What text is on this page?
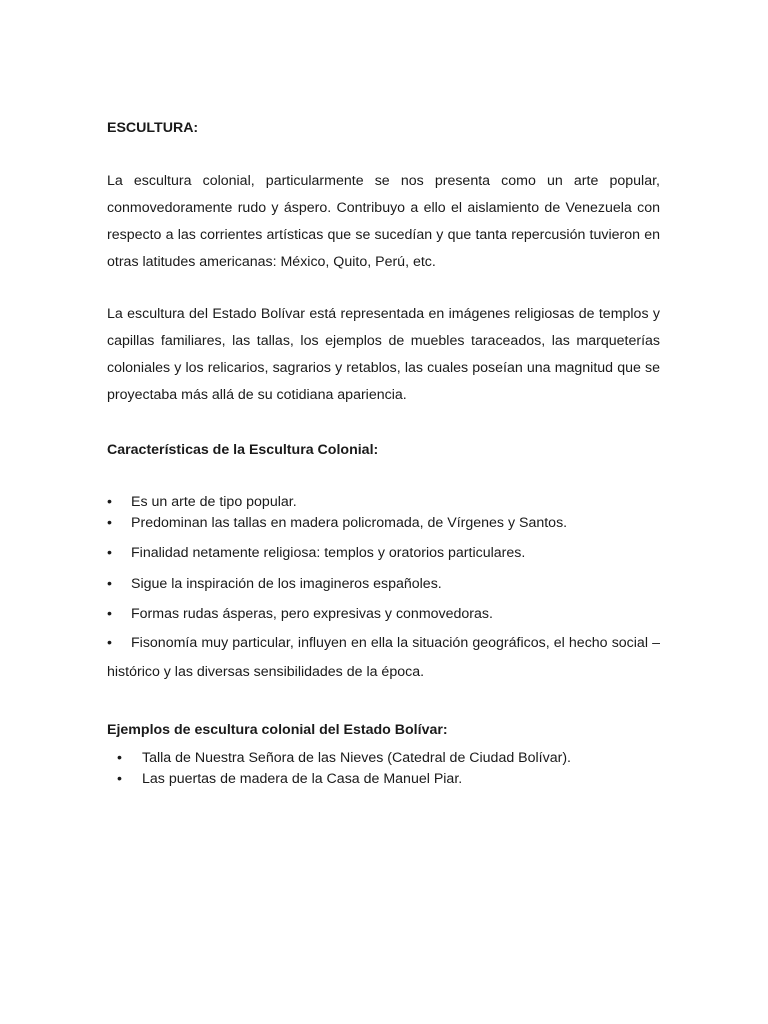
ESCULTURA:

La escultura colonial, particularmente se nos presenta como un arte popular, conmovedoramente rudo y áspero. Contribuyo a ello el aislamiento de Venezuela con respecto a las corrientes artísticas que se sucedían y que tanta repercusión tuvieron en otras latitudes americanas: México, Quito, Perú, etc.

La escultura del Estado Bolívar está representada en imágenes religiosas de templos y capillas familiares, las tallas, los ejemplos de muebles taraceados, las marqueterías coloniales y los relicarios, sagrarios y retablos, las cuales poseían una magnitud que se proyectaba más allá de su cotidiana apariencia.

Características de la Escultura Colonial:

• Es un arte de tipo popular.

• Predominan las tallas en madera policromada, de Vírgenes y Santos.

• Finalidad netamente religiosa: templos y oratorios particulares.

• Sigue la inspiración de los imagineros españoles.

• Formas rudas ásperas, pero expresivas y conmovedoras.

• Fisonomía muy particular, influyen en ella la situación geográficos, el hecho social – histórico y las diversas sensibilidades de la época.

Ejemplos de escultura colonial del Estado Bolívar:

• Talla de Nuestra Señora de las Nieves (Catedral de Ciudad Bolívar).

• Las puertas de madera de la Casa de Manuel Piar.
